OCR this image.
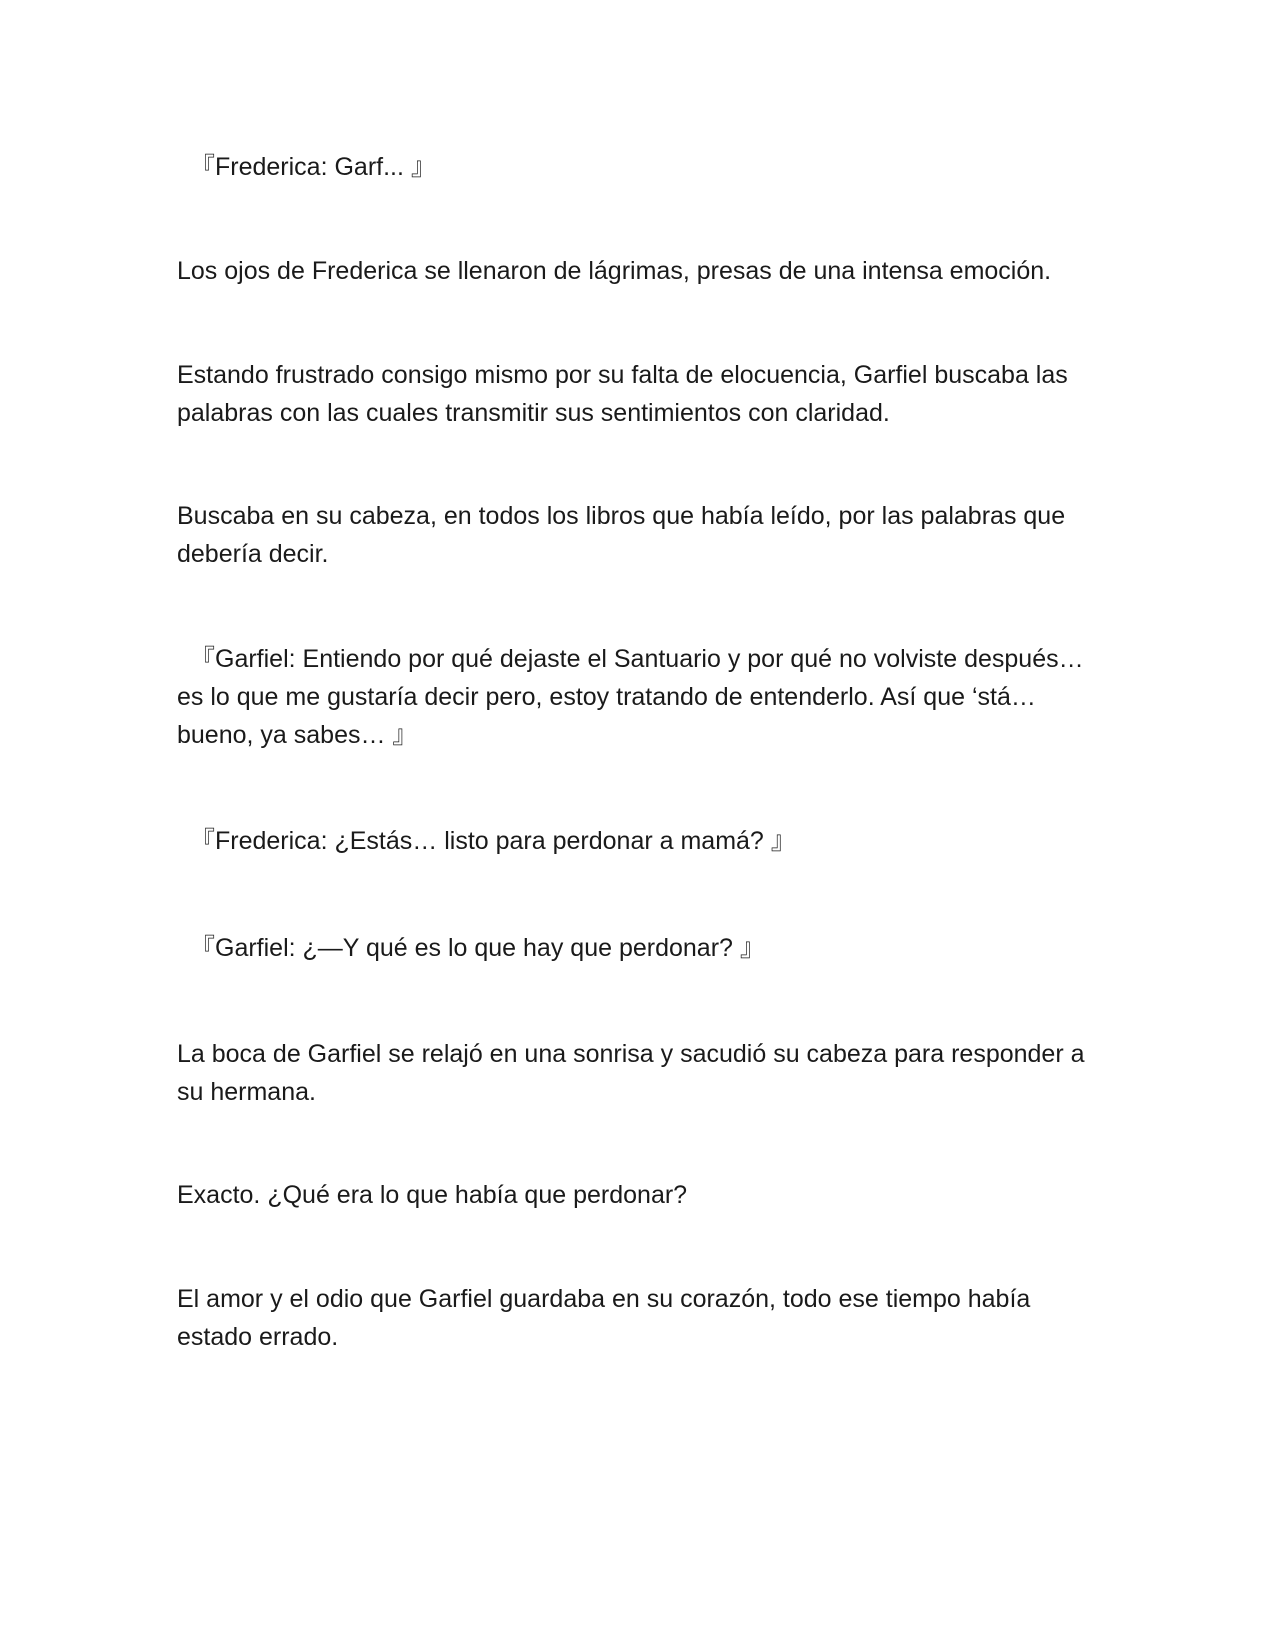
『Frederica: Garf... 』

Los ojos de Frederica se llenaron de lágrimas, presas de una intensa emoción.

Estando frustrado consigo mismo por su falta de elocuencia, Garfiel buscaba las palabras con las cuales transmitir sus sentimientos con claridad.

Buscaba en su cabeza, en todos los libros que había leído, por las palabras que debería decir.

『Garfiel: Entiendo por qué dejaste el Santuario y por qué no volviste después… es lo que me gustaría decir pero, estoy tratando de entenderlo. Así que ‘stá… bueno, ya sabes… 』

『Frederica: ¿Estás… listo para perdonar a mamá? 』

『Garfiel: ¿—Y qué es lo que hay que perdonar? 』

La boca de Garfiel se relajó en una sonrisa y sacudió su cabeza para responder a su hermana.

Exacto. ¿Qué era lo que había que perdonar?

El amor y el odio que Garfiel guardaba en su corazón, todo ese tiempo había estado errado.
